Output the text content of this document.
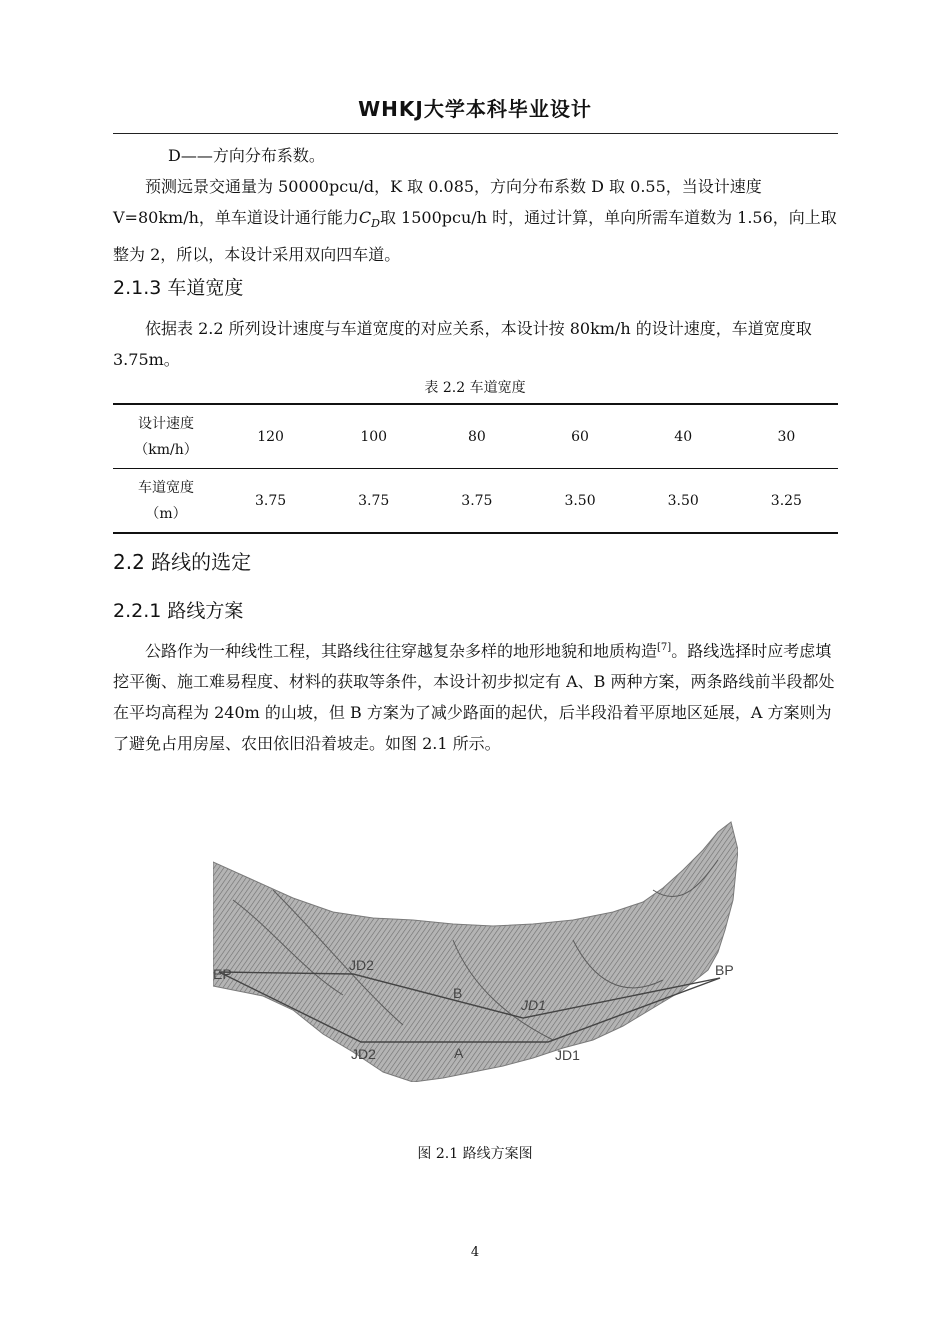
WHKJ大学本科毕业设计
D——方向分布系数。
预测远景交通量为 50000pcu/d，K 取 0.085，方向分布系数 D 取 0.55，当设计速度 V=80km/h，单车道设计通行能力$C_D$取 1500pcu/h 时，通过计算，单向所需车道数为 1.56，向上取整为 2，所以，本设计采用双向四车道。
2.1.3 车道宽度
依据表 2.2 所列设计速度与车道宽度的对应关系，本设计按 80km/h 的设计速度，车道宽度取 3.75m。
表 2.2 车道宽度
设计速度
（km/h）	120	100	80	60	40	30

车道宽度
（m）	3.75	3.75	3.75	3.50	3.50	3.25
2.2 路线的选定
2.2.1 路线方案
公路作为一种线性工程，其路线往往穿越复杂多样的地形地貌和地质构造[7]。路线选择时应考虑填挖平衡、施工难易程度、材料的获取等条件，本设计初步拟定有 A、B 两种方案，两条路线前半段都处在平均高程为 240m 的山坡，但 B 方案为了减少路面的起伏，后半段沿着平原地区延展，A 方案则为了避免占用房屋、农田依旧沿着坡走。如图 2.1 所示。
EP	BP
JD2
B
JD1
JD2	A	JD1
图 2.1 路线方案图
4
